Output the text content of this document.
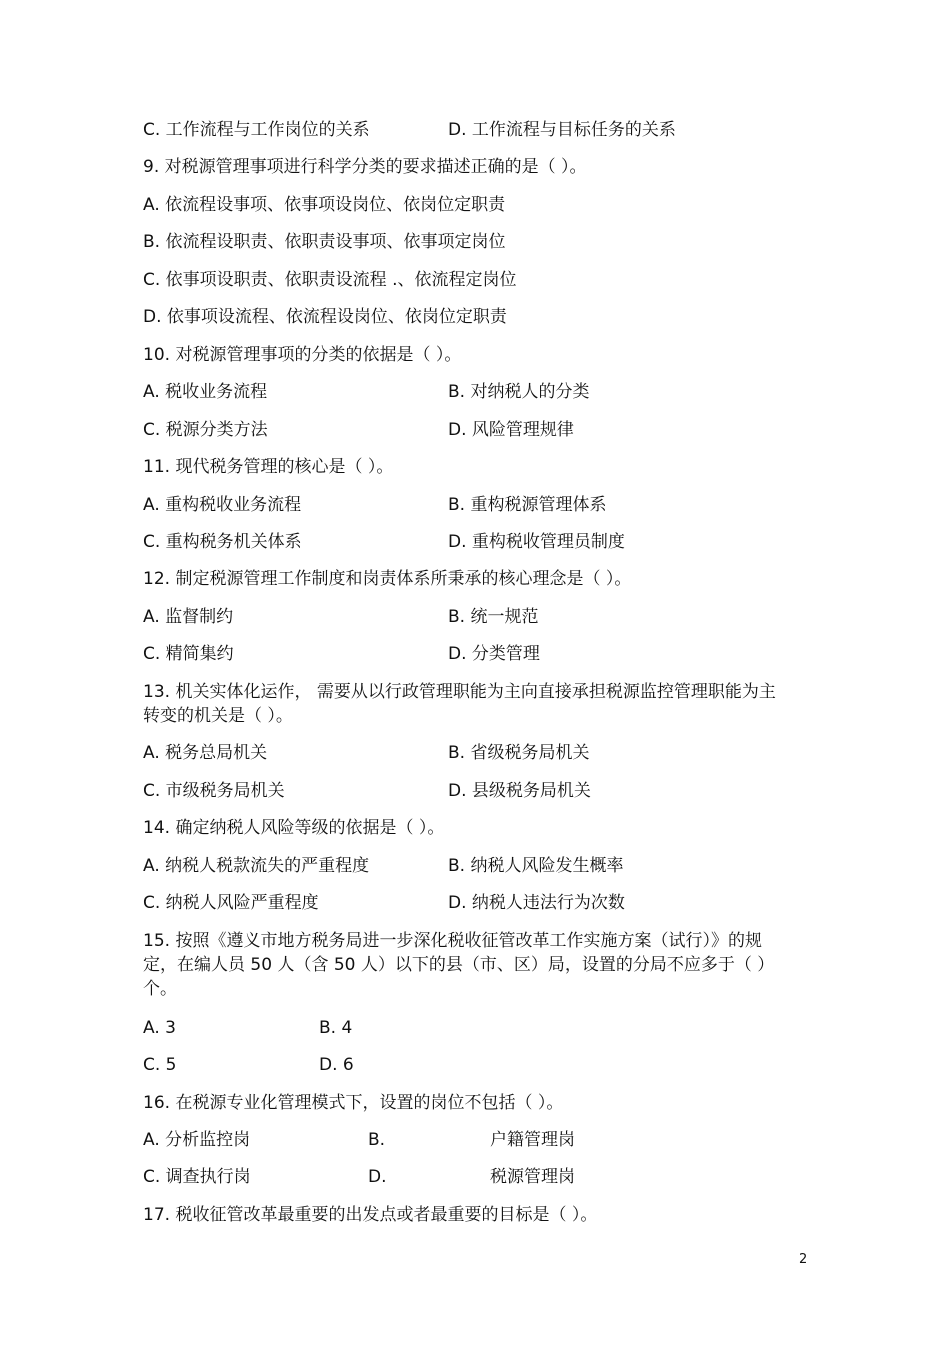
C. 工作流程与工作岗位的关系	D. 工作流程与目标任务的关系
9. 对税源管理事项进行科学分类的要求描述正确的是（ ）。
A. 依流程设事项、依事项设岗位、依岗位定职责
B. 依流程设职责、依职责设事项、依事项定岗位
C. 依事项设职责、依职责设流程 .、依流程定岗位
D. 依事项设流程、依流程设岗位、依岗位定职责
10. 对税源管理事项的分类的依据是（ ）。
A. 税收业务流程	B. 对纳税人的分类
C. 税源分类方法	D. 风险管理规律
11. 现代税务管理的核心是（ ）。
A. 重构税收业务流程	B. 重构税源管理体系
C. 重构税务机关体系	D. 重构税收管理员制度
12. 制定税源管理工作制度和岗责体系所秉承的核心理念是（ ）。
A. 监督制约	B. 统一规范
C. 精简集约	D. 分类管理
13. 机关实体化运作， 需要从以行政管理职能为主向直接承担税源监控管理职能为主转变的机关是（ ）。
A. 税务总局机关	B. 省级税务局机关
C. 市级税务局机关	D. 县级税务局机关
14. 确定纳税人风险等级的依据是（ ）。
A. 纳税人税款流失的严重程度	B. 纳税人风险发生概率
C. 纳税人风险严重程度	D. 纳税人违法行为次数
15. 按照《遵义市地方税务局进一步深化税收征管改革工作实施方案（试行）》的规定，在编人员 50 人（含 50 人）以下的县（市、区）局，设置的分局不应多于（ ）个。
A. 3	B. 4
C. 5	D. 6
16. 在税源专业化管理模式下，设置的岗位不包括（ ）。
A. 分析监控岗	B.	户籍管理岗
C. 调查执行岗	D.	税源管理岗
17. 税收征管改革最重要的出发点或者最重要的目标是（ ）。
2
